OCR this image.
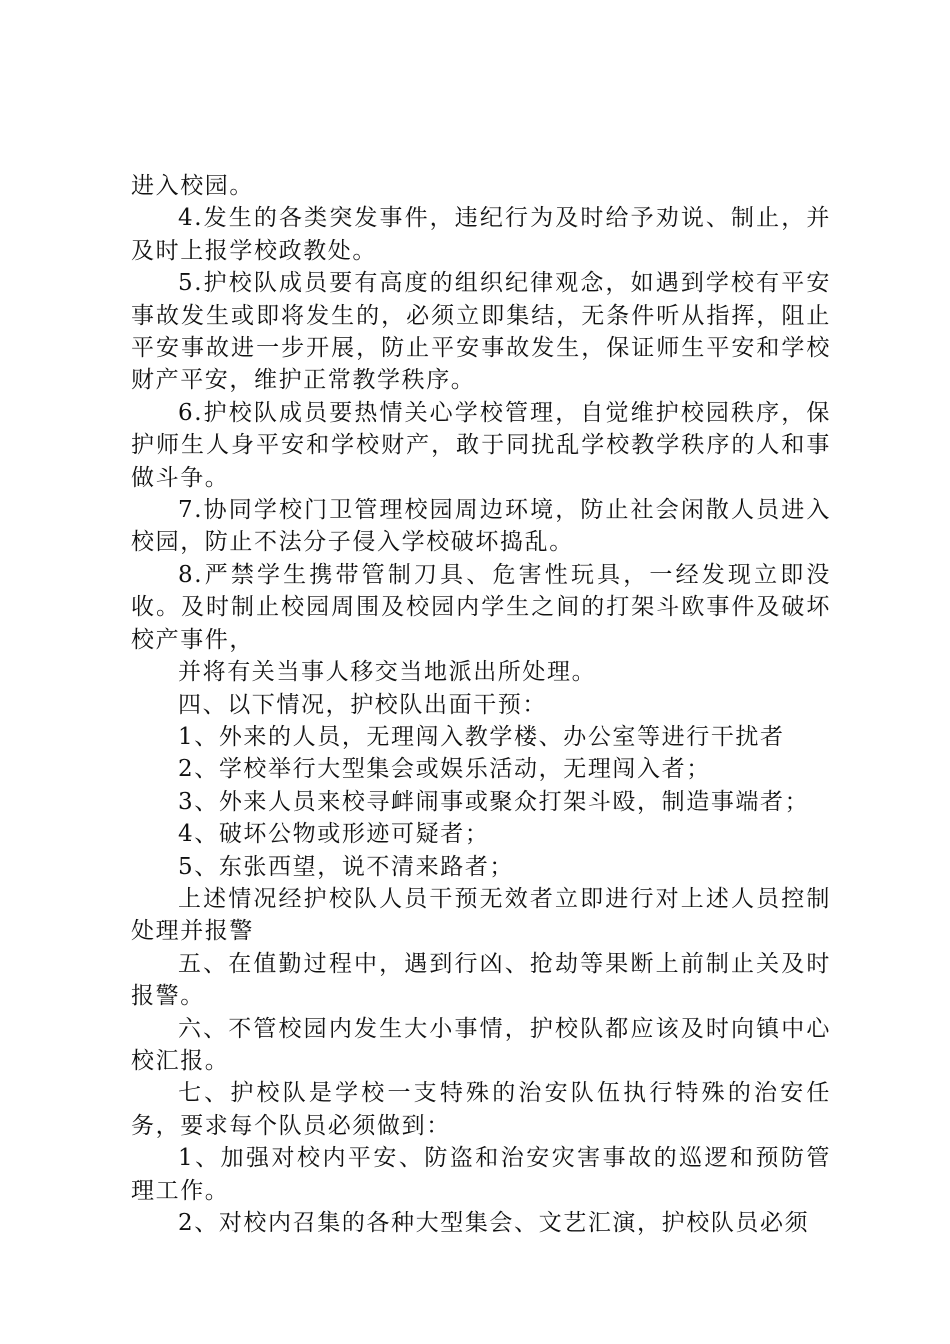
进入校园。

4.发生的各类突发事件，违纪行为及时给予劝说、制止，并及时上报学校政教处。

5.护校队成员要有高度的组织纪律观念，如遇到学校有平安事故发生或即将发生的，必须立即集结，无条件听从指挥，阻止平安事故进一步开展，防止平安事故发生，保证师生平安和学校财产平安，维护正常教学秩序。

6.护校队成员要热情关心学校管理，自觉维护校园秩序，保护师生人身平安和学校财产，敢于同扰乱学校教学秩序的人和事做斗争。

7.协同学校门卫管理校园周边环境，防止社会闲散人员进入校园，防止不法分子侵入学校破坏捣乱。

8.严禁学生携带管制刀具、危害性玩具，一经发现立即没收。及时制止校园周围及校园内学生之间的打架斗欧事件及破坏校产事件，

并将有关当事人移交当地派出所处理。

四、以下情况，护校队出面干预：

1、外来的人员，无理闯入教学楼、办公室等进行干扰者

2、学校举行大型集会或娱乐活动，无理闯入者；

3、外来人员来校寻衅闹事或聚众打架斗殴，制造事端者；

4、破坏公物或形迹可疑者；

5、东张西望，说不清来路者；

上述情况经护校队人员干预无效者立即进行对上述人员控制处理并报警

五、在值勤过程中，遇到行凶、抢劫等果断上前制止关及时报警。

六、不管校园内发生大小事情，护校队都应该及时向镇中心校汇报。

七、护校队是学校一支特殊的治安队伍执行特殊的治安任务，要求每个队员必须做到：

1、加强对校内平安、防盗和治安灾害事故的巡逻和预防管理工作。

2、对校内召集的各种大型集会、文艺汇演，护校队员必须
